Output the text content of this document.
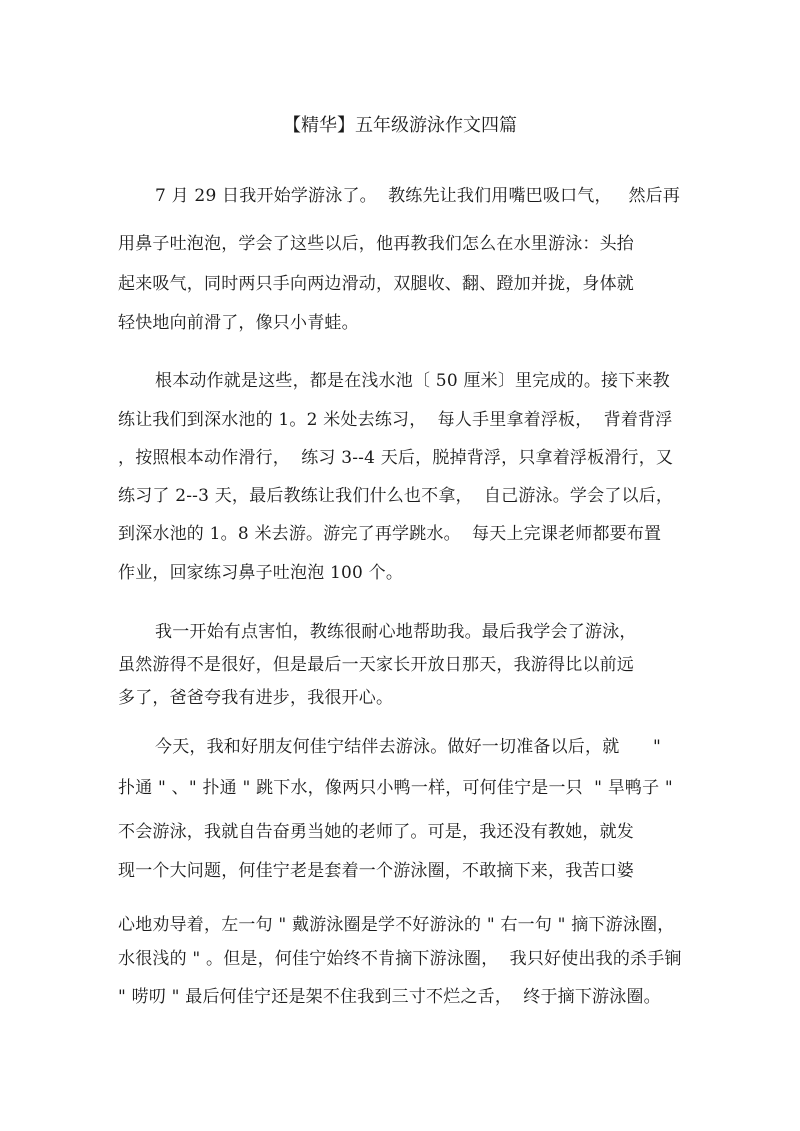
【精华】五年级游泳作文四篇
7 月 29 日我开始学游泳了。  教练先让我们用嘴巴吸口气，   然后再
用鼻子吐泡泡，学会了这些以后，他再教我们怎么在水里游泳：头抬
起来吸气，同时两只手向两边滑动，双腿收、翻、蹬加并拢，身体就
轻快地向前滑了，像只小青蛙。
根本动作就是这些，都是在浅水池〔 50 厘米〕里完成的。接下来教
练让我们到深水池的 1。2 米处去练习，  每人手里拿着浮板，  背着背浮
，按照根本动作滑行，  练习 3--4 天后，脱掉背浮，只拿着浮板滑行，又
练习了 2--3 天，最后教练让我们什么也不拿，  自己游泳。学会了以后，
到深水池的 1。8 米去游。游完了再学跳水。  每天上完课老师都要布置
作业，回家练习鼻子吐泡泡 100 个。
我一开始有点害怕，教练很耐心地帮助我。最后我学会了游泳，
虽然游得不是很好，但是最后一天家长开放日那天，我游得比以前远
多了，爸爸夸我有进步，我很开心。
今天，我和好朋友何佳宁结伴去游泳。做好一切准备以后，就      "
扑通 " 、" 扑通 " 跳下水，像两只小鸭一样，可何佳宁是一只  " 旱鸭子 "
不会游泳，我就自告奋勇当她的老师了。可是，我还没有教她，就发
现一个大问题，何佳宁老是套着一个游泳圈，不敢摘下来，我苦口婆
心地劝导着，左一句 " 戴游泳圈是学不好游泳的 " 右一句 " 摘下游泳圈，
水很浅的 " 。但是，何佳宁始终不肯摘下游泳圈，  我只好使出我的杀手锏
" 唠叨 " 最后何佳宁还是架不住我到三寸不烂之舌，  终于摘下游泳圈。
